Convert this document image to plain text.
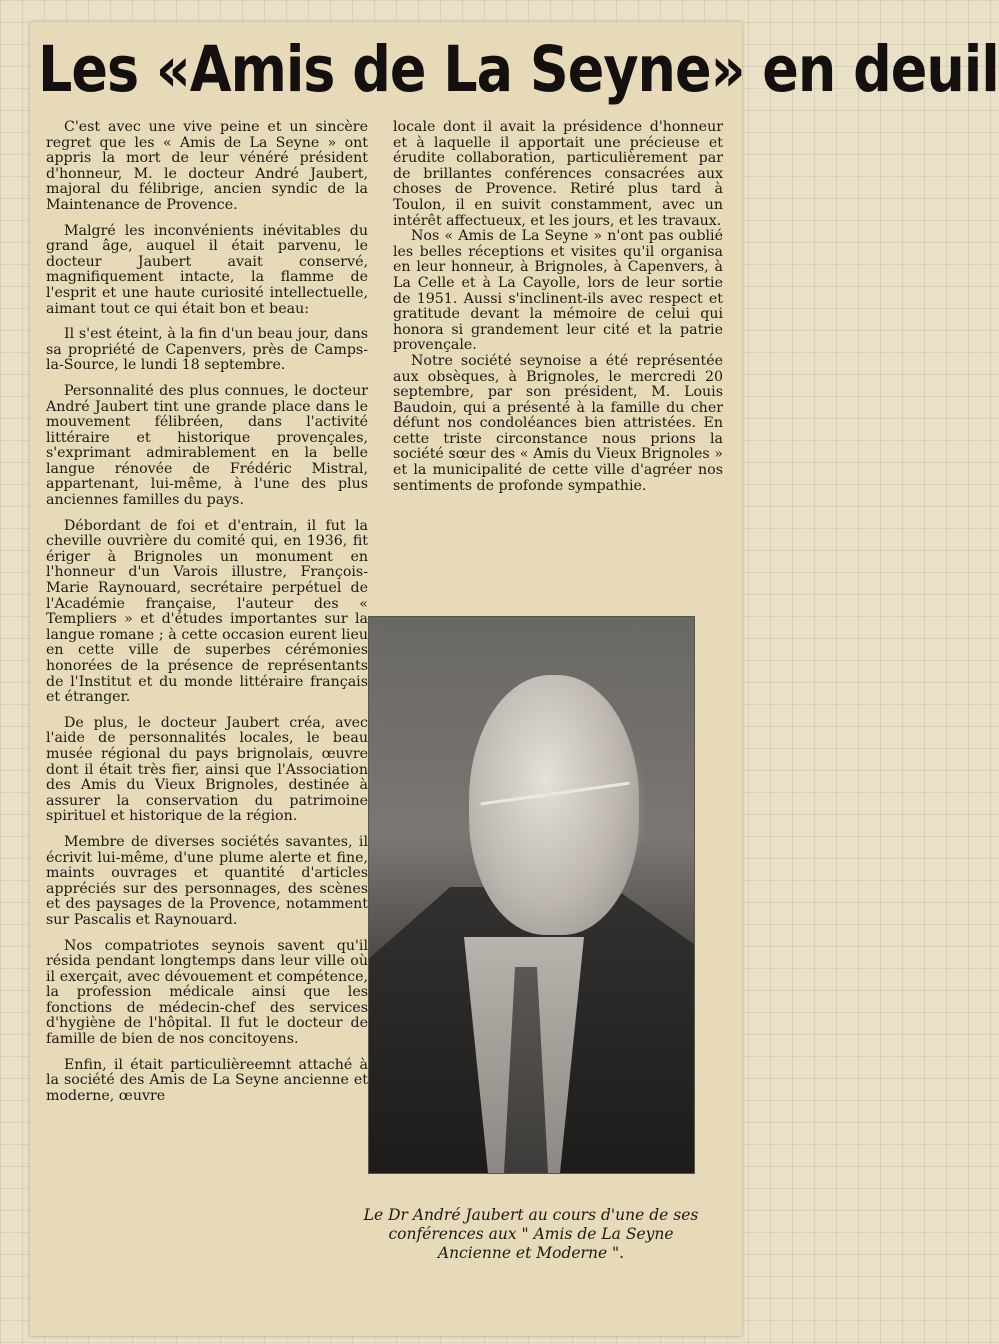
Les «Amis de La Seyne» en deuil

C'est avec une vive peine et un sincère regret que les « Amis de La Seyne » ont appris la mort de leur vénéré président d'honneur, M. le docteur André Jaubert, majoral du félibrige, ancien syndic de la Maintenance de Provence.

Malgré les inconvénients inévitables du grand âge, auquel il était parvenu, le docteur Jaubert avait conservé, magnifiquement intacte, la flamme de l'esprit et une haute curiosité intellectuelle, aimant tout ce qui était bon et beau:

Il s'est éteint, à la fin d'un beau jour, dans sa propriété de Capenvers, près de Camps-la-Source, le lundi 18 septembre.

Personnalité des plus connues, le docteur André Jaubert tint une grande place dans le mouvement félibréen, dans l'activité littéraire et historique provençales, s'exprimant admirablement en la belle langue rénovée de Frédéric Mistral, appartenant, lui-même, à l'une des plus anciennes familles du pays.

Débordant de foi et d'entrain, il fut la cheville ouvrière du comité qui, en 1936, fit ériger à Brignoles un monument en l'honneur d'un Varois illustre, François-Marie Raynouard, secrétaire perpétuel de l'Académie française, l'auteur des « Templiers » et d'études importantes sur la langue romane ; à cette occasion eurent lieu en cette ville de superbes cérémonies honorées de la présence de représentants de l'Institut et du monde littéraire français et étranger.

De plus, le docteur Jaubert créa, avec l'aide de personnalités locales, le beau musée régional du pays brignolais, œuvre dont il était très fier, ainsi que l'Association des Amis du Vieux Brignoles, destinée à assurer la conservation du patrimoine spirituel et historique de la région.

Membre de diverses sociétés savantes, il écrivit lui-même, d'une plume alerte et fine, maints ouvrages et quantité d'articles appréciés sur des personnages, des scènes et des paysages de la Provence, notamment sur Pascalis et Raynouard.

Nos compatriotes seynois savent qu'il résida pendant longtemps dans leur ville où il exerçait, avec dévouement et compétence, la profession médicale ainsi que les fonctions de médecin-chef des services d'hygiène de l'hôpital. Il fut le docteur de famille de bien de nos concitoyens.

Enfin, il était particulièreemnt attaché à la société des Amis de La Seyne ancienne et moderne, œuvre

locale dont il avait la présidence d'honneur et à laquelle il apportait une précieuse et érudite collaboration, particulièrement par de brillantes conférences consacrées aux choses de Provence. Retiré plus tard à Toulon, il en suivit constamment, avec un intérêt affectueux, et les jours, et les travaux.

Nos « Amis de La Seyne » n'ont pas oublié les belles réceptions et visites qu'il organisa en leur honneur, à Brignoles, à Capenvers, à La Celle et à La Cayolle, lors de leur sortie de 1951. Aussi s'inclinent-ils avec respect et gratitude devant la mémoire de celui qui honora si grandement leur cité et la patrie provençale.

Notre société seynoise a été représentée aux obsèques, à Brignoles, le mercredi 20 septembre, par son président, M. Louis Baudoin, qui a présenté à la famille du cher défunt nos condoléances bien attristées. En cette triste circonstance nous prions la société sœur des « Amis du Vieux Brignoles » et la municipalité de cette ville d'agréer nos sentiments de profonde sympathie.

Le Dr André Jaubert au cours d'une de ses conférences aux " Amis de La Seyne Ancienne et Moderne ".
